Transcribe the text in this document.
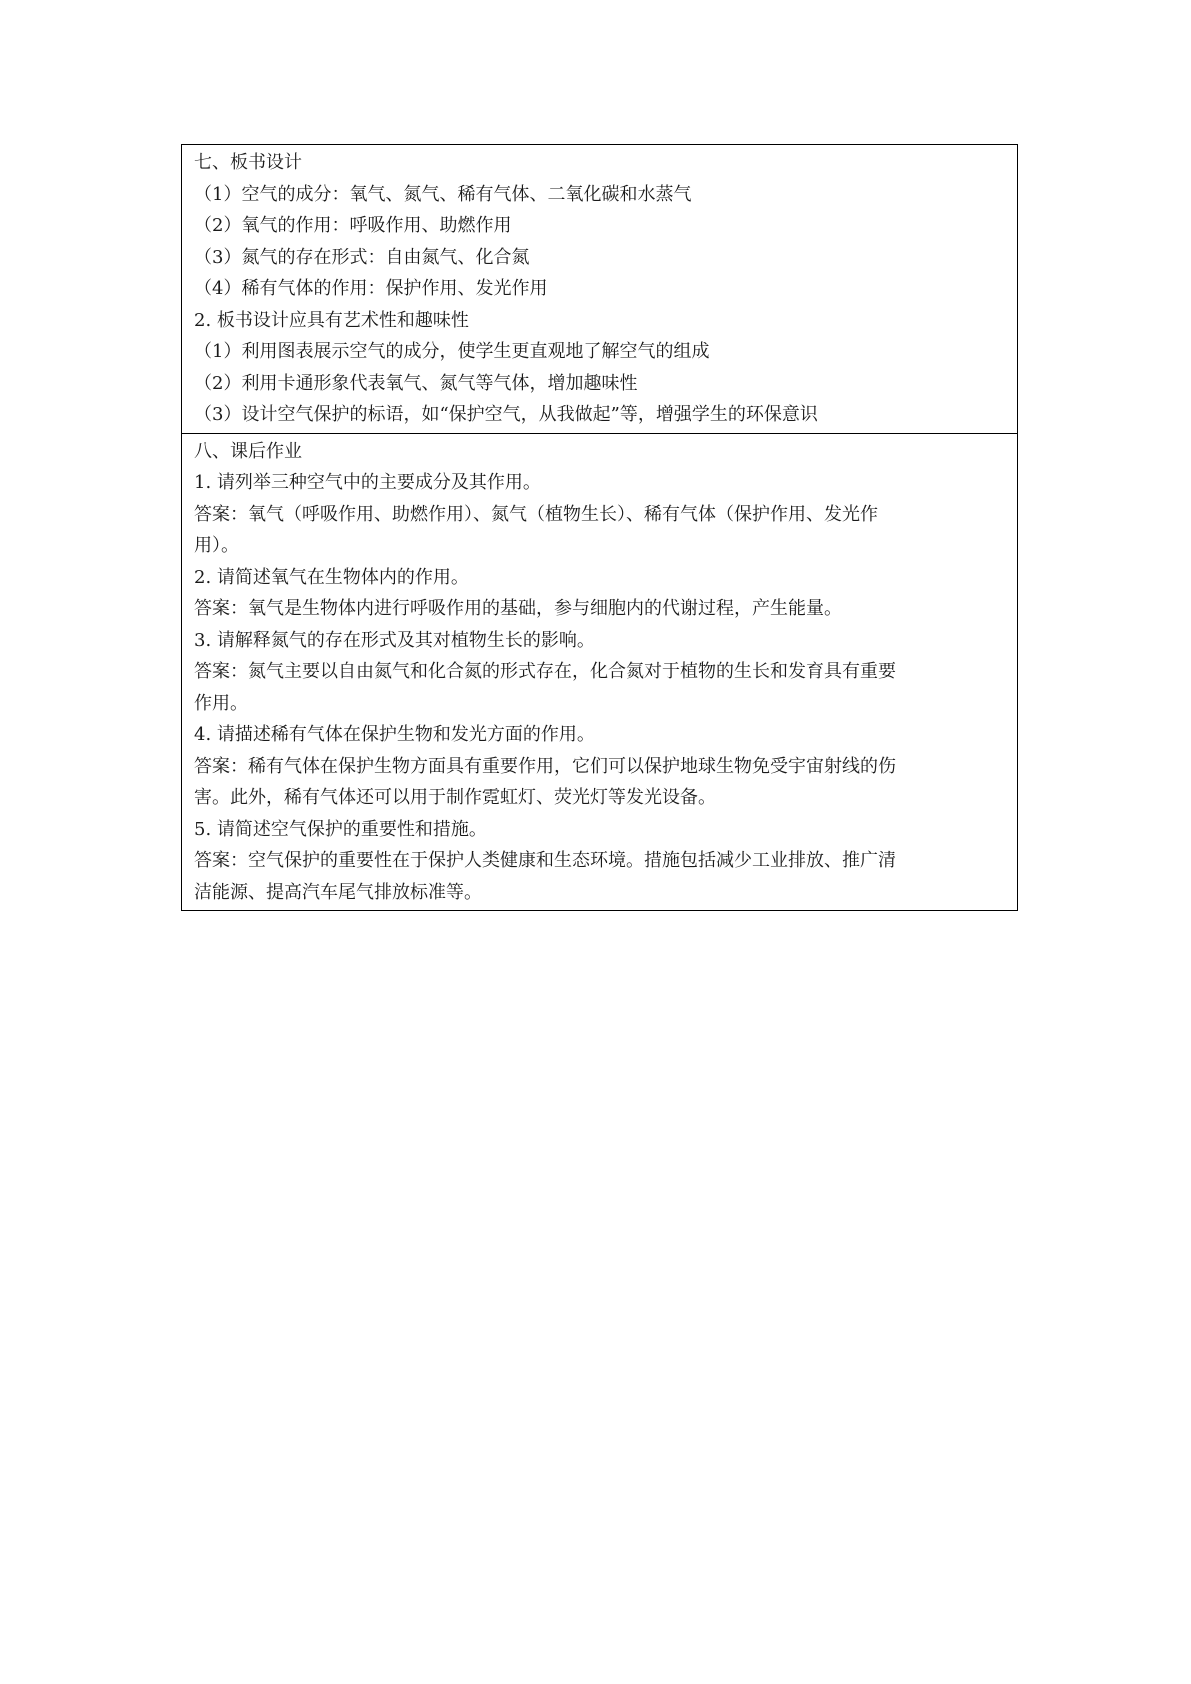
七、板书设计
（1）空气的成分：氧气、氮气、稀有气体、二氧化碳和水蒸气
（2）氧气的作用：呼吸作用、助燃作用
（3）氮气的存在形式：自由氮气、化合氮
（4）稀有气体的作用：保护作用、发光作用
2. 板书设计应具有艺术性和趣味性
（1）利用图表展示空气的成分，使学生更直观地了解空气的组成
（2）利用卡通形象代表氧气、氮气等气体，增加趣味性
（3）设计空气保护的标语，如“保护空气，从我做起”等，增强学生的环保意识

八、课后作业
1. 请列举三种空气中的主要成分及其作用。
答案：氧气（呼吸作用、助燃作用）、氮气（植物生长）、稀有气体（保护作用、发光作
用）。
2. 请简述氧气在生物体内的作用。
答案：氧气是生物体内进行呼吸作用的基础，参与细胞内的代谢过程，产生能量。
3. 请解释氮气的存在形式及其对植物生长的影响。
答案：氮气主要以自由氮气和化合氮的形式存在，化合氮对于植物的生长和发育具有重要
作用。
4. 请描述稀有气体在保护生物和发光方面的作用。
答案：稀有气体在保护生物方面具有重要作用，它们可以保护地球生物免受宇宙射线的伤
害。此外，稀有气体还可以用于制作霓虹灯、荧光灯等发光设备。
5. 请简述空气保护的重要性和措施。
答案：空气保护的重要性在于保护人类健康和生态环境。措施包括减少工业排放、推广清
洁能源、提高汽车尾气排放标准等。
